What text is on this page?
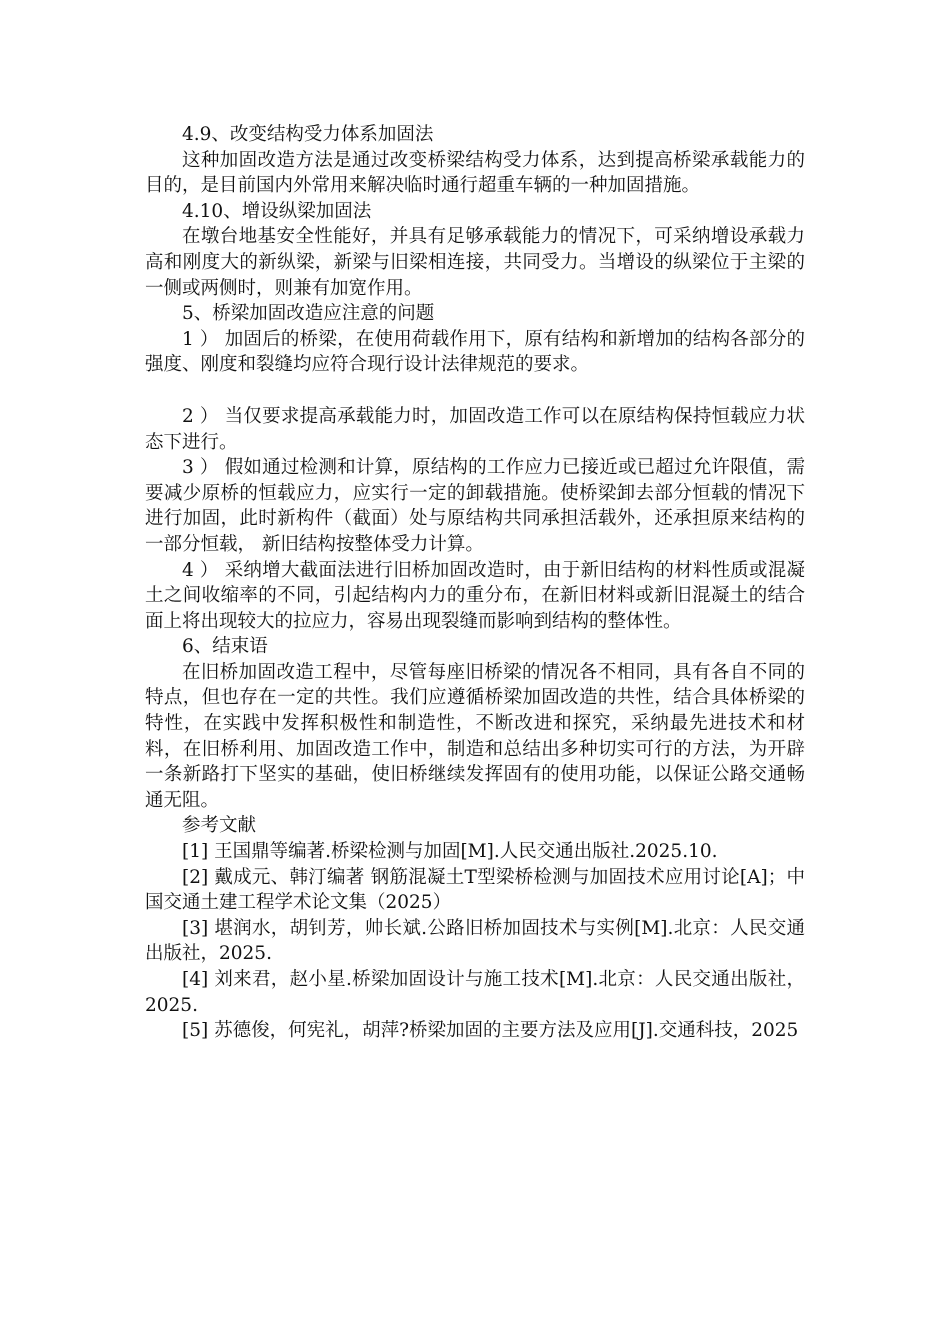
4.9、改变结构受力体系加固法

这种加固改造方法是通过改变桥梁结构受力体系，达到提高桥梁承载能力的目的，是目前国内外常用来解决临时通行超重车辆的一种加固措施。

4.10、增设纵梁加固法

在墩台地基安全性能好，并具有足够承载能力的情况下，可采纳增设承载力高和刚度大的新纵梁，新梁与旧梁相连接，共同受力。当增设的纵梁位于主梁的一侧或两侧时，则兼有加宽作用。

5、桥梁加固改造应注意的问题

1 ） 加固后的桥梁，在使用荷载作用下，原有结构和新增加的结构各部分的强度、刚度和裂缝均应符合现行设计法律规范的要求。

2 ） 当仅要求提高承载能力时，加固改造工作可以在原结构保持恒载应力状态下进行。

3 ） 假如通过检测和计算，原结构的工作应力已接近或已超过允许限值，需要减少原桥的恒载应力，应实行一定的卸载措施。使桥梁卸去部分恒载的情况下进行加固，此时新构件（截面）处与原结构共同承担活载外，还承担原来结构的一部分恒载， 新旧结构按整体受力计算。

4 ） 采纳增大截面法进行旧桥加固改造时，由于新旧结构的材料性质或混凝土之间收缩率的不同，引起结构内力的重分布，在新旧材料或新旧混凝土的结合面上将出现较大的拉应力，容易出现裂缝而影响到结构的整体性。

6、结束语

在旧桥加固改造工程中，尽管每座旧桥梁的情况各不相同，具有各自不同的特点，但也存在一定的共性。我们应遵循桥梁加固改造的共性，结合具体桥梁的特性，在实践中发挥积极性和制造性，不断改进和探究，采纳最先进技术和材料，在旧桥利用、加固改造工作中，制造和总结出多种切实可行的方法，为开辟一条新路打下坚实的基础，使旧桥继续发挥固有的使用功能，以保证公路交通畅通无阻。

参考文献

[1] 王国鼎等编著.桥梁检测与加固[M].人民交通出版社.2025.10.

[2] 戴成元、韩汀编著 钢筋混凝土T型梁桥检测与加固技术应用讨论[A]；中国交通土建工程学术论文集（2025）

[3] 堪润水，胡钊芳，帅长斌.公路旧桥加固技术与实例[M].北京：人民交通出版社，2025.

[4] 刘来君，赵小星.桥梁加固设计与施工技术[M].北京：人民交通出版社，2025.

[5] 苏德俊，何宪礼，胡萍?桥梁加固的主要方法及应用[J].交通科技，2025
